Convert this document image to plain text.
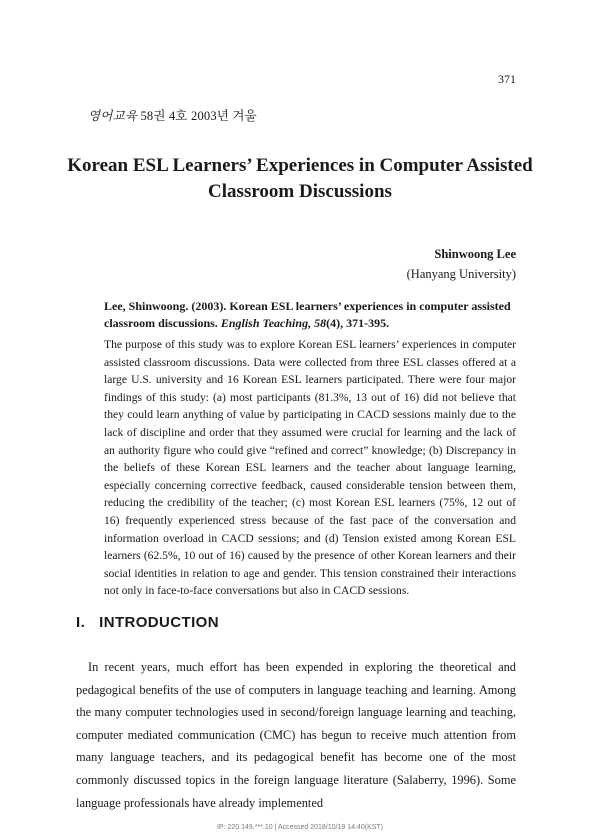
371
영어교육 58권 4호 2003년 겨울
Korean ESL Learners’ Experiences in Computer Assisted
Classroom Discussions
Shinwoong Lee
(Hanyang University)
Lee, Shinwoong. (2003). Korean ESL learners’ experiences in computer assisted classroom discussions. English Teaching, 58(4), 371-395.

The purpose of this study was to explore Korean ESL learners’ experiences in computer assisted classroom discussions. Data were collected from three ESL classes offered at a large U.S. university and 16 Korean ESL learners participated. There were four major findings of this study: (a) most participants (81.3%, 13 out of 16) did not believe that they could learn anything of value by participating in CACD sessions mainly due to the lack of discipline and order that they assumed were crucial for learning and the lack of an authority figure who could give “refined and correct” knowledge; (b) Discrepancy in the beliefs of these Korean ESL learners and the teacher about language learning, especially concerning corrective feedback, caused considerable tension between them, reducing the credibility of the teacher; (c) most Korean ESL learners (75%, 12 out of 16) frequently experienced stress because of the fast pace of the conversation and information overload in CACD sessions; and (d) Tension existed among Korean ESL learners (62.5%, 10 out of 16) caused by the presence of other Korean learners and their social identities in relation to age and gender. This tension constrained their interactions not only in face-to-face conversations but also in CACD sessions.

I. INTRODUCTION

In recent years, much effort has been expended in exploring the theoretical and pedagogical benefits of the use of computers in language teaching and learning. Among the many computer technologies used in second/foreign language learning and teaching, computer mediated communication (CMC) has begun to receive much attention from many language teachers, and its pedagogical benefit has become one of the most commonly discussed topics in the foreign language literature (Salaberry, 1996). Some language professionals have already implemented

IP: 220.149.***.10 | Accessed 2018/10/19 14:40(KST)
